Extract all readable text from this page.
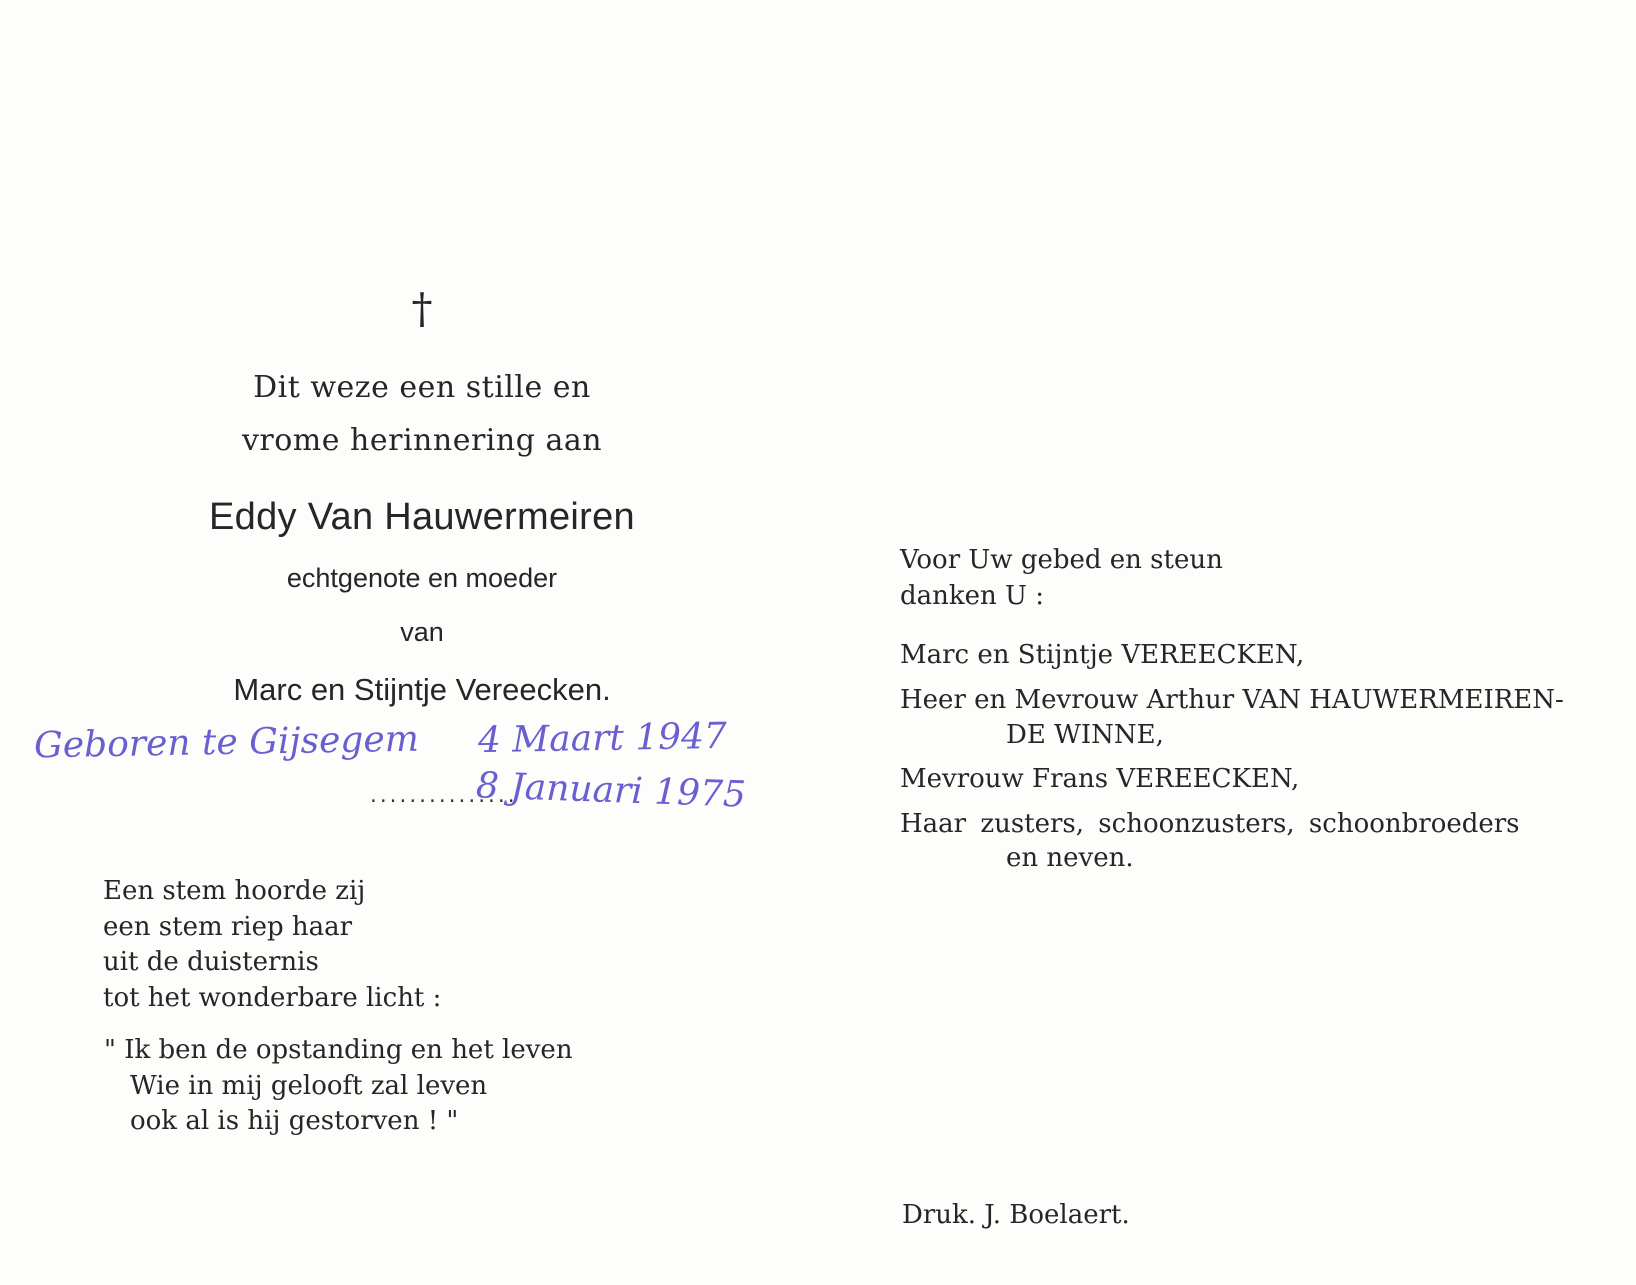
†
Dit weze een stille en
vrome herinnering aan
Eddy Van Hauwermeiren
echtgenote en moeder
van
Marc en Stijntje Vereecken.
Geboren te Gijsegem 4 Maart 1947
...............
8 Januari 1975
Een stem hoorde zij
een stem riep haar
uit de duisternis
tot het wonderbare licht :
" Ik ben de opstanding en het leven
Wie in mij gelooft zal leven
ook al is hij gestorven ! "
Voor Uw gebed en steun
danken U :
Marc en Stijntje VEREECKEN,
Heer en Mevrouw Arthur VAN HAUWERMEIREN-
DE WINNE,
Mevrouw Frans VEREECKEN,
Haar zusters, schoonzusters, schoonbroeders
en neven.
Druk. J. Boelaert.
